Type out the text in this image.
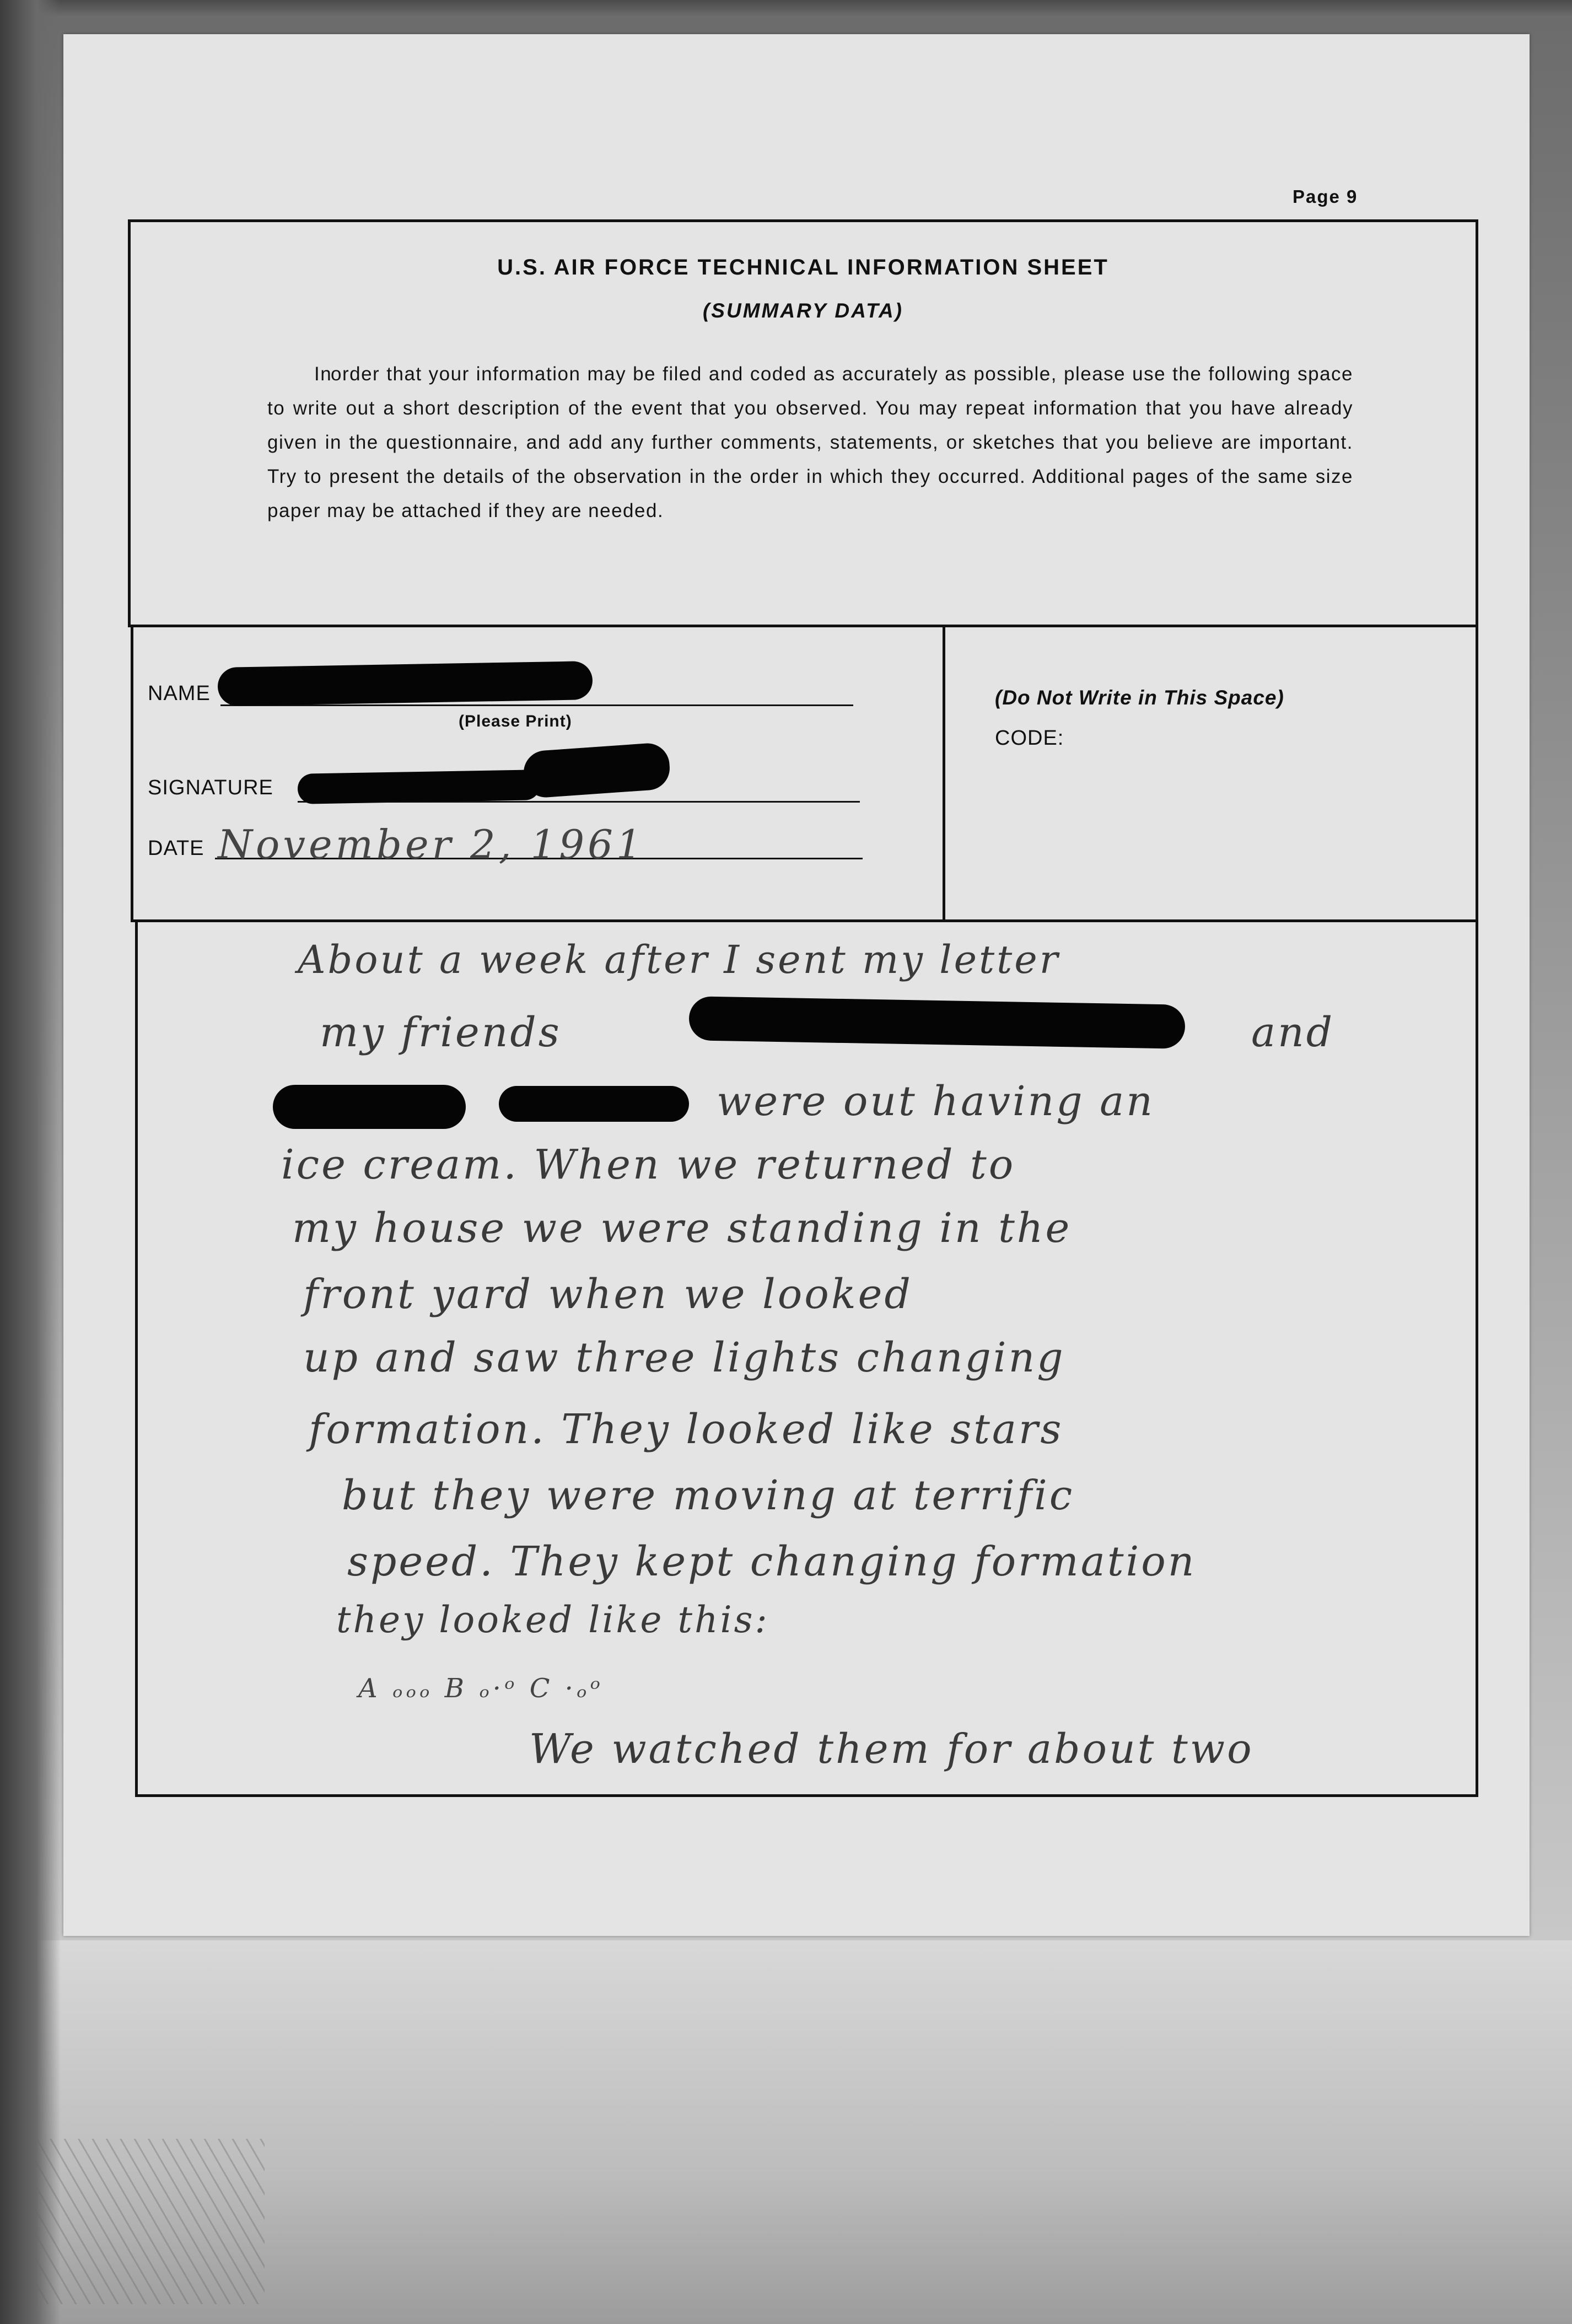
Page 9
U.S. AIR FORCE TECHNICAL INFORMATION SHEET
(SUMMARY DATA)
In

order that your information may be filed and coded as accurately as possible, please use the following space to write out a short description of the event that you observed. You may repeat information that you have already given in the questionnaire, and add any further comments, statements, or sketches that you believe are important. Try to present the details of the observation in the order in which they occurred. Additional pages of the same size paper may be attached if they are needed.

NAME
(Please Print)
SIGNATURE
DATE November 2, 1961
(Do Not Write in This Space)
CODE:
About a week after I sent my letter
my friends	and
were out having an
ice cream. When we returned to
my house we were standing in the
front yard when we looked
up and saw three lights changing
formation. They looked like stars
but they were moving at terrific
speed. They kept changing formation
they looked like this:
A ₒₒₒ B ₒ·ᵒ C ·ₒᵒ
We watched them for about two
